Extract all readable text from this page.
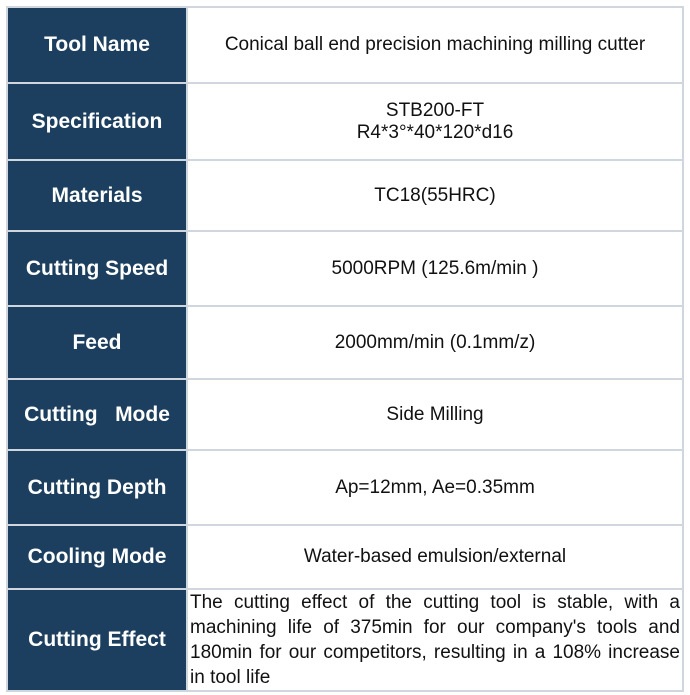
Tool Name	Conical ball end precision machining milling cutter
Specification	STB200-FT
R4*3°*40*120*d16

Materials	TC18(55HRC)
Cutting Speed	5000RPM (125.6m/min )
Feed	2000mm/min (0.1mm/z)
Cutting   Mode	Side Milling
Cutting Depth	Ap=12mm, Ae=0.35mm
Cooling Mode	Water-based emulsion/external
Cutting Effect	The cutting effect of the cutting tool is stable, with a machining life of 375min for our company's tools and 180min for our competitors, resulting in a 108% increase in tool life
